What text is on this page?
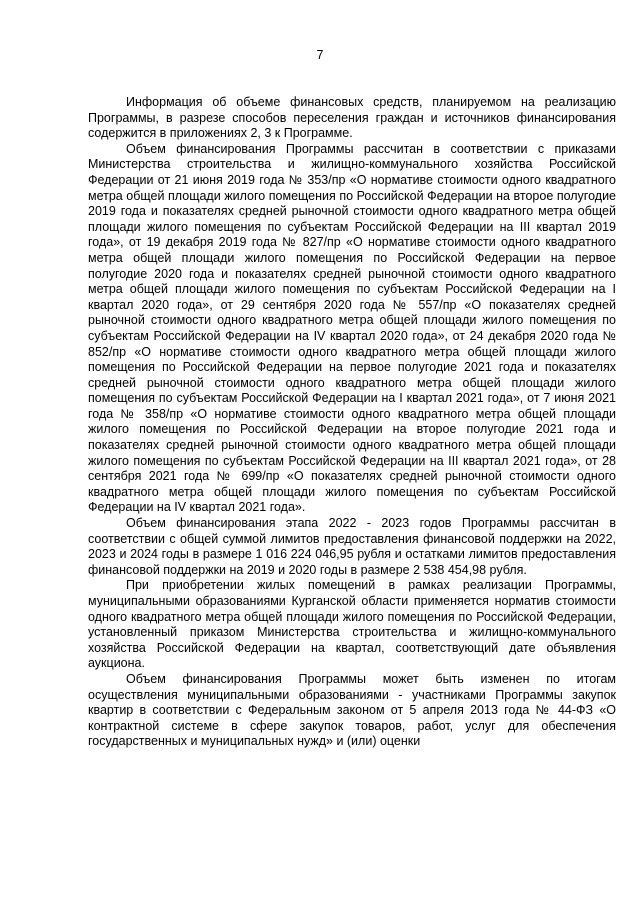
7

Информация об объеме финансовых средств, планируемом на реализацию Программы, в разрезе способов переселения граждан и источников финансирования содержится в приложениях 2, 3 к Программе.

Объем финансирования Программы рассчитан в соответствии с приказами Министерства строительства и жилищно-коммунального хозяйства Российской Федерации от 21 июня 2019 года № 353/пр «О нормативе стоимости одного квадратного метра общей площади жилого помещения по Российской Федерации на второе полугодие 2019 года и показателях средней рыночной стоимости одного квадратного метра общей площади жилого помещения по субъектам Российской Федерации на III квартал 2019 года», от 19 декабря 2019 года № 827/пр «О нормативе стоимости одного квадратного метра общей площади жилого помещения по Российской Федерации на первое полугодие 2020 года и показателях средней рыночной стоимости одного квадратного метра общей площади жилого помещения по субъектам Российской Федерации на I квартал 2020 года», от 29 сентября 2020 года № 557/пр «О показателях средней рыночной стоимости одного квадратного метра общей площади жилого помещения по субъектам Российской Федерации на IV квартал 2020 года», от 24 декабря 2020 года № 852/пр «О нормативе стоимости одного квадратного метра общей площади жилого помещения по Российской Федерации на первое полугодие 2021 года и показателях средней рыночной стоимости одного квадратного метра общей площади жилого помещения по субъектам Российской Федерации на I квартал 2021 года», от 7 июня 2021 года № 358/пр «О нормативе стоимости одного квадратного метра общей площади жилого помещения по Российской Федерации на второе полугодие 2021 года и показателях средней рыночной стоимости одного квадратного метра общей площади жилого помещения по субъектам Российской Федерации на III квартал 2021 года», от 28 сентября 2021 года № 699/пр «О показателях средней рыночной стоимости одного квадратного метра общей площади жилого помещения по субъектам Российской Федерации на IV квартал 2021 года».

Объем финансирования этапа 2022 - 2023 годов Программы рассчитан в соответствии с общей суммой лимитов предоставления финансовой поддержки на 2022, 2023 и 2024 годы в размере 1 016 224 046,95 рубля и остатками лимитов предоставления финансовой поддержки на 2019 и 2020 годы в размере 2 538 454,98 рубля.

При приобретении жилых помещений в рамках реализации Программы, муниципальными образованиями Курганской области применяется норматив стоимости одного квадратного метра общей площади жилого помещения по Российской Федерации, установленный приказом Министерства строительства и жилищно-коммунального хозяйства Российской Федерации на квартал, соответствующий дате объявления аукциона.

Объем финансирования Программы может быть изменен по итогам осуществления муниципальными образованиями - участниками Программы закупок квартир в соответствии с Федеральным законом от 5 апреля 2013 года № 44-ФЗ «О контрактной системе в сфере закупок товаров, работ, услуг для обеспечения государственных и муниципальных нужд» и (или) оценки
